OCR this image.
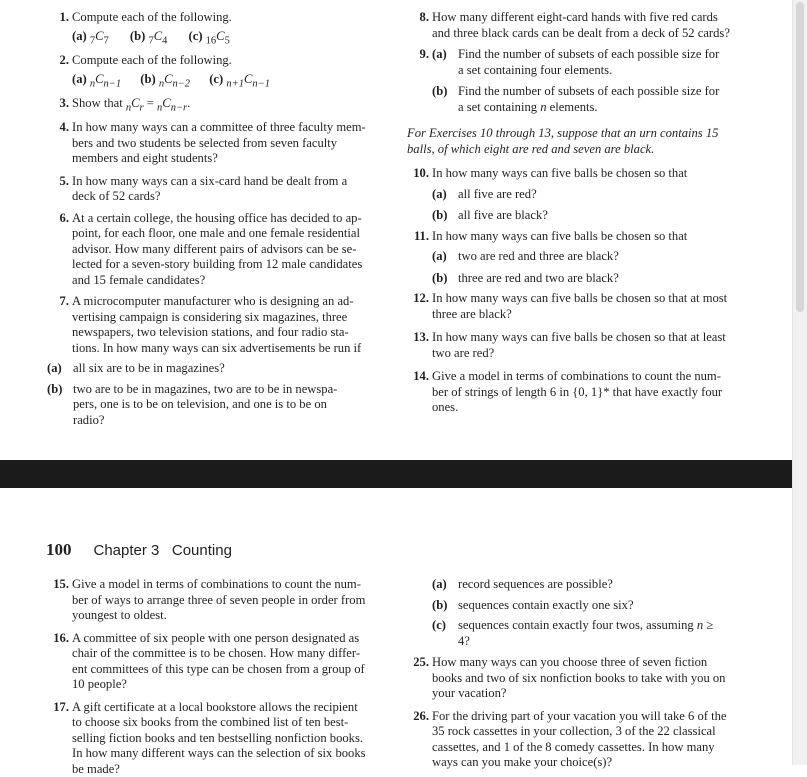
1. Compute each of the following.
(a) $_7C_7$ (b) $_7C_4$ (c) $_{16}C_5$
2. Compute each of the following.
(a) $_nC_{n-1}$ (b) $_nC_{n-2}$ (c) $_{n+1}C_{n-1}$
3. Show that $_nC_r = _nC_{n-r}$.
4. In how many ways can a committee of three faculty mem-
bers and two students be selected from seven faculty
members and eight students?
5. In how many ways can a six-card hand be dealt from a
deck of 52 cards?
6. At a certain college, the housing office has decided to ap-
point, for each floor, one male and one female residential
advisor. How many different pairs of advisors can be se-
lected for a seven-story building from 12 male candidates
and 15 female candidates?
7. A microcomputer manufacturer who is designing an ad-
vertising campaign is considering six magazines, three
newspapers, two television stations, and four radio sta-
tions. In how many ways can six advertisements be run if
(a) all six are to be in magazines?
(b) two are to be in magazines, two are to be in newspa-
pers, one is to be on television, and one is to be on
radio?
8. How many different eight-card hands with five red cards
and three black cards can be dealt from a deck of 52 cards?
9. (a) Find the number of subsets of each possible size for
a set containing four elements.
(b) Find the number of subsets of each possible size for
a set containing n elements.
For Exercises 10 through 13, suppose that an urn contains 15
balls, of which eight are red and seven are black.
10. In how many ways can five balls be chosen so that
(a) all five are red?
(b) all five are black?
11. In how many ways can five balls be chosen so that
(a) two are red and three are black?
(b) three are red and two are black?
12. In how many ways can five balls be chosen so that at most
three are black?
13. In how many ways can five balls be chosen so that at least
two are red?
14. Give a model in terms of combinations to count the num-
ber of strings of length 6 in {0, 1}* that have exactly four
ones.
100 Chapter 3   Counting
15. Give a model in terms of combinations to count the num-
ber of ways to arrange three of seven people in order from
youngest to oldest.
16. A committee of six people with one person designated as
chair of the committee is to be chosen. How many differ-
ent committees of this type can be chosen from a group of
10 people?
17. A gift certificate at a local bookstore allows the recipient
to choose six books from the combined list of ten best-
selling fiction books and ten bestselling nonfiction books.
In how many different ways can the selection of six books
be made?
(a) record sequences are possible?
(b) sequences contain exactly one six?
(c) sequences contain exactly four twos, assuming n ≥
4?
25. How many ways can you choose three of seven fiction
books and two of six nonfiction books to take with you on
your vacation?
26. For the driving part of your vacation you will take 6 of the
35 rock cassettes in your collection, 3 of the 22 classical
cassettes, and 1 of the 8 comedy cassettes. In how many
ways can you make your choice(s)?
